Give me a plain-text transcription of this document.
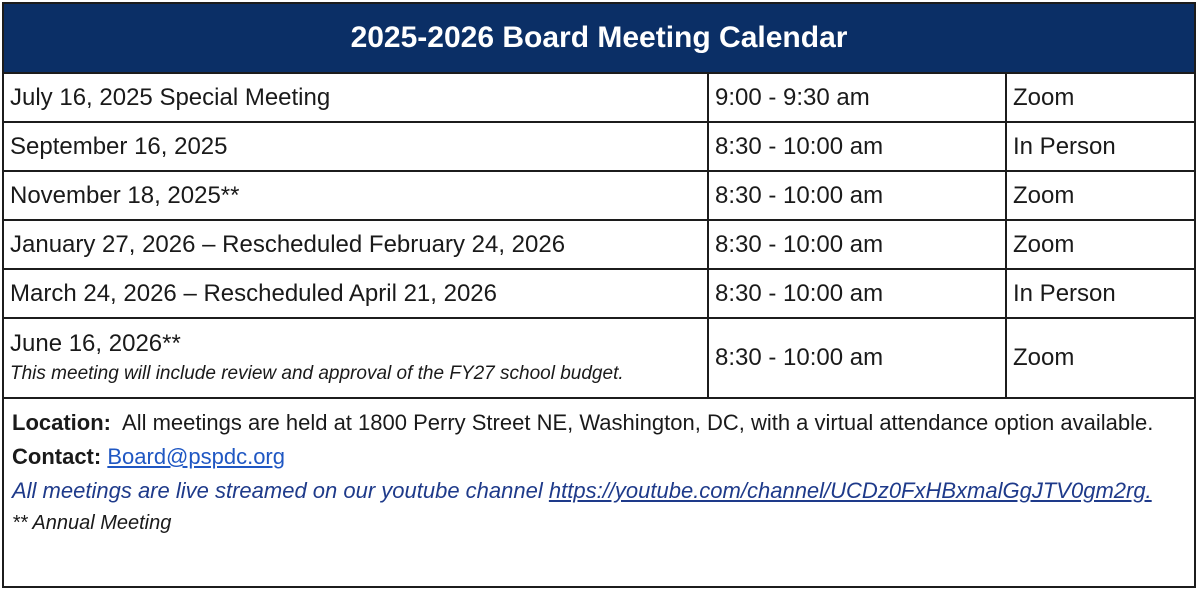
2025-2026 Board Meeting Calendar
July 16, 2025 Special Meeting	9:00 - 9:30 am	Zoom
September 16, 2025	8:30 - 10:00 am	In Person
November 18, 2025**	8:30 - 10:00 am	Zoom
January 27, 2026 – Rescheduled February 24, 2026	8:30 - 10:00 am	Zoom
March 24, 2026 – Rescheduled April 21, 2026	8:30 - 10:00 am	In Person

June 16, 2026**
This meeting will include review and approval of the FY27 school budget.	8:30 - 10:00 am	Zoom
Location: All meetings are held at 1800 Perry Street NE, Washington, DC, with a virtual attendance option available.
Contact: Board@pspdc.org
All meetings are live streamed on our youtube channel https://youtube.com/channel/UCDz0FxHBxmalGgJTV0gm2rg.
** Annual Meeting
